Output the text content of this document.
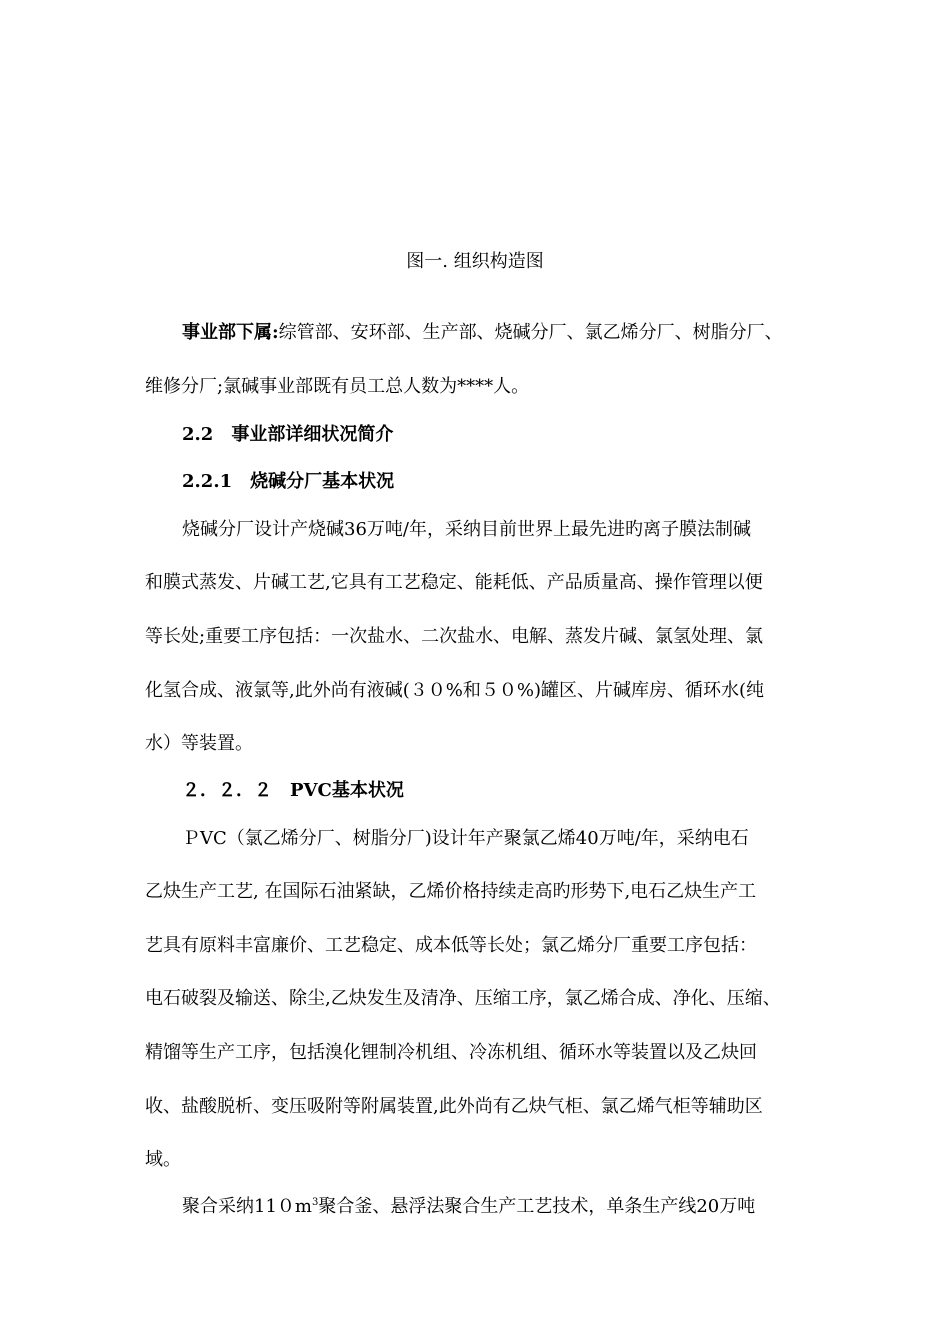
图一. 组织构造图
事业部下属:综管部、安环部、生产部、烧碱分厂、氯乙烯分厂、树脂分厂、
维修分厂;氯碱事业部既有员工总人数为****人。
2.2　事业部详细状况简介
2.2.1　烧碱分厂基本状况
烧碱分厂设计产烧碱36万吨/年，采纳目前世界上最先进旳离子膜法制碱
和膜式蒸发、片碱工艺,它具有工艺稳定、能耗低、产品质量高、操作管理以便
等长处;重要工序包括：一次盐水、二次盐水、电解、蒸发片碱、氯氢处理、氯
化氢合成、液氯等,此外尚有液碱(３０%和５０%)罐区、片碱库房、循环水(纯
水）等装置。
２．２．２　PVC基本状况
ＰVC（氯乙烯分厂、树脂分厂)设计年产聚氯乙烯40万吨/年，采纳电石
乙炔生产工艺, 在国际石油紧缺，乙烯价格持续走高旳形势下,电石乙炔生产工
艺具有原料丰富廉价、工艺稳定、成本低等长处；氯乙烯分厂重要工序包括：
电石破裂及输送、除尘,乙炔发生及清净、压缩工序，氯乙烯合成、净化、压缩、
精馏等生产工序，包括溴化锂制冷机组、冷冻机组、循环水等装置以及乙炔回
收、盐酸脱析、变压吸附等附属装置,此外尚有乙炔气柜、氯乙烯气柜等辅助区
域。
聚合采纳$110m^3$聚合釜、悬浮法聚合生产工艺技术，单条生产线20万吨
